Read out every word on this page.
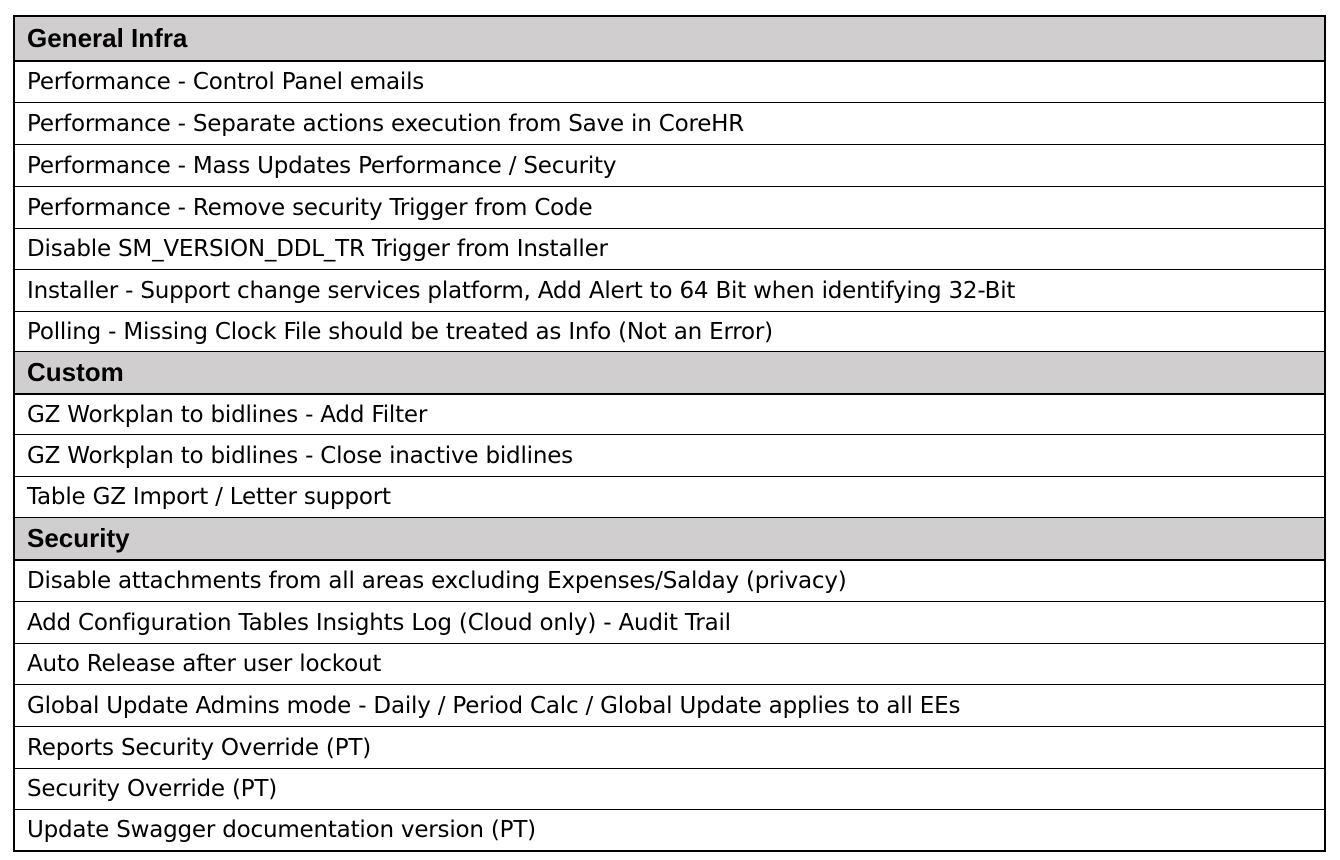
General Infra
Performance - Control Panel emails
Performance - Separate actions execution from Save in CoreHR
Performance - Mass Updates Performance / Security
Performance - Remove security Trigger from Code
Disable SM_VERSION_DDL_TR Trigger from Installer
Installer - Support change services platform, Add Alert to 64 Bit when identifying 32-Bit
Polling - Missing Clock File should be treated as Info (Not an Error)
Custom
GZ Workplan to bidlines - Add Filter
GZ Workplan to bidlines - Close inactive bidlines
Table GZ Import / Letter support
Security
Disable attachments from all areas excluding Expenses/Salday (privacy)
Add Configuration Tables Insights Log (Cloud only) - Audit Trail
Auto Release after user lockout
Global Update Admins mode - Daily / Period Calc / Global Update applies to all EEs
Reports Security Override (PT)
Security Override (PT)
Update Swagger documentation version (PT)
